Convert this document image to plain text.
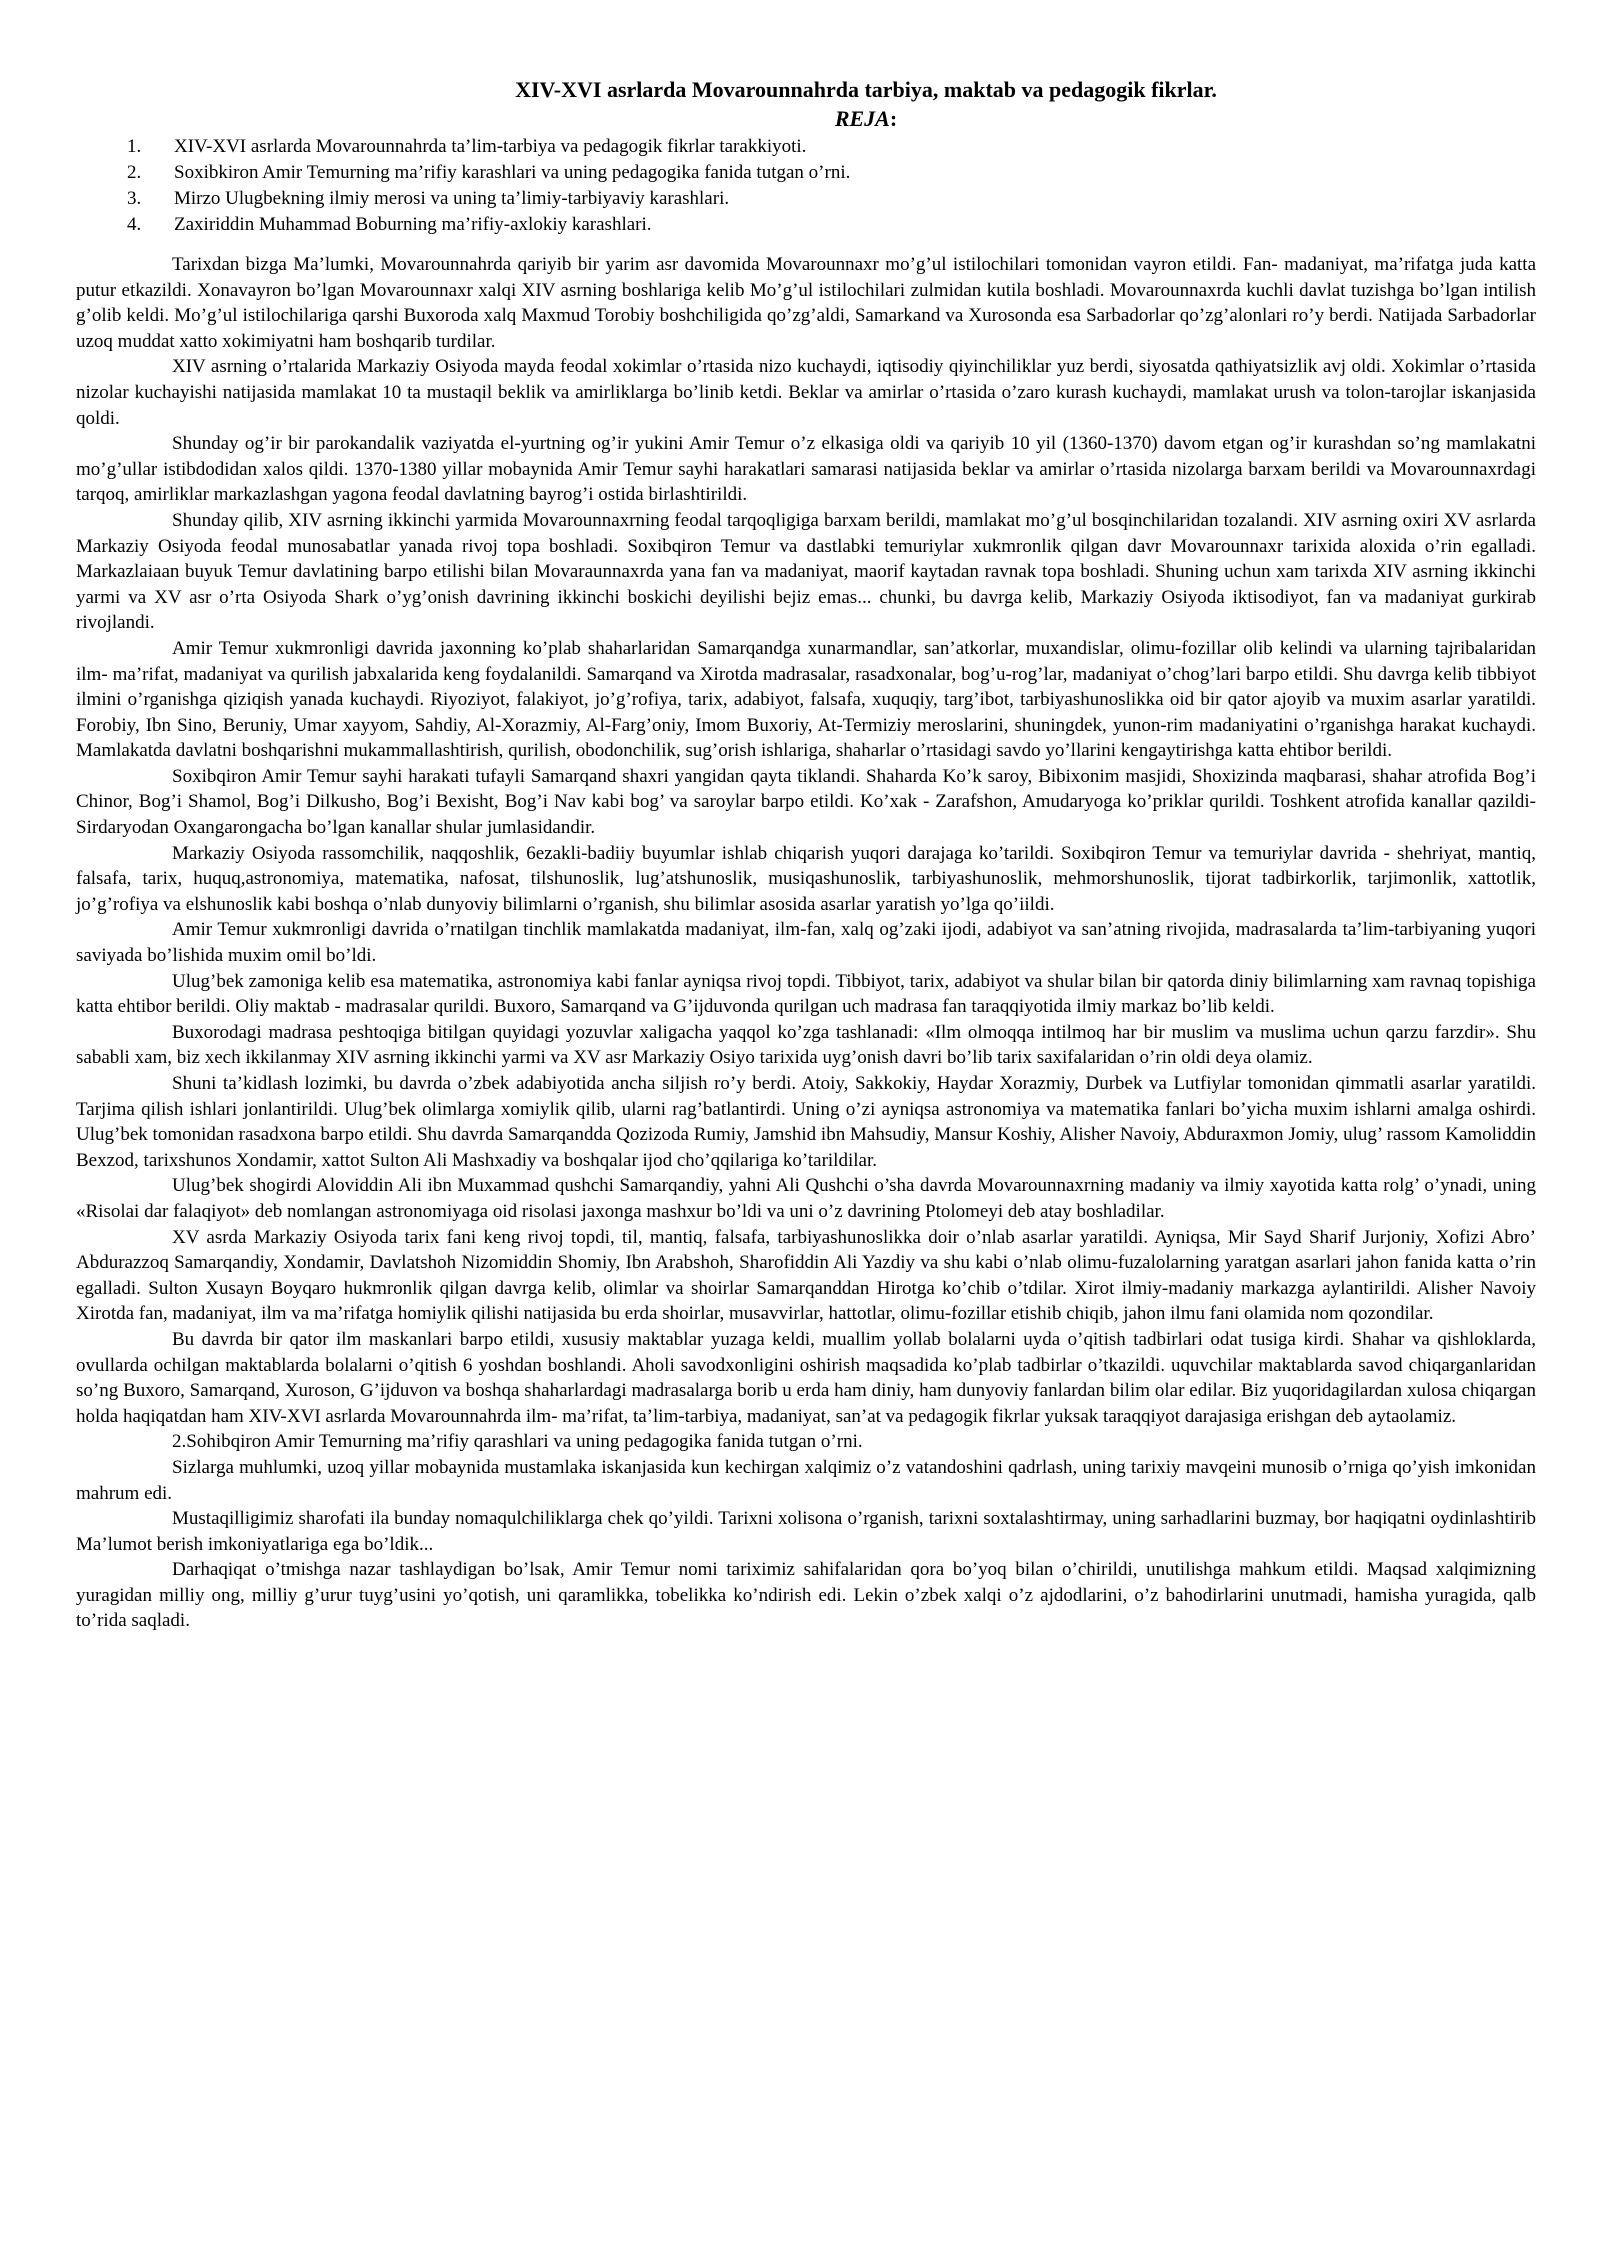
XIV-XVI asrlarda Movarounnahrda tarbiya, maktab va pedagogik fikrlar.
REJA:
1. XIV-XVI asrlarda Movarounnahrda ta’lim-tarbiya va pedagogik fikrlar tarakkiyoti.
2. Soxibkiron Amir Temurning ma’rifiy karashlari va uning pedagogika fanida tutgan o’rni.
3. Mirzo Ulugbekning ilmiy merosi va uning ta’limiy-tarbiyaviy karashlari.
4. Zaxiriddin Muhammad Boburning ma’rifiy-axlokiy karashlari.

Tarixdan bizga Ma’lumki, Movarounnahrda qariyib bir yarim asr davomida Movarounnaxr mo’g’ul istilochilari tomonidan vayron etildi. Fan- madaniyat, ma’rifatga juda katta putur etkazildi. Xonavayron bo’lgan Movarounnaxr xalqi XIV asrning boshlariga kelib Mo’g’ul istilochilari zulmidan kutila boshladi. Movarounnaxrda kuchli davlat tuzishga bo’lgan intilish g’olib keldi. Mo’g’ul istilochilariga qarshi Buxoroda xalq Maxmud Torobiy boshchiligida qo’zg’aldi, Samarkand va Xurosonda esa Sarbadorlar qo’zg’alonlari ro’y berdi. Natijada Sarbadorlar uzoq muddat xatto xokimiyatni ham boshqarib turdilar.

XIV asrning o’rtalarida Markaziy Osiyoda mayda feodal xokimlar o’rtasida nizo kuchaydi, iqtisodiy qiyinchiliklar yuz berdi, siyosatda qathiyatsizlik avj oldi. Xokimlar o’rtasida nizolar kuchayishi natijasida mamlakat 10 ta mustaqil beklik va amirliklarga bo’linib ketdi. Beklar va amirlar o’rtasida o’zaro kurash kuchaydi, mamlakat urush va tolon-tarojlar iskanjasida qoldi.

Shunday og’ir bir parokandalik vaziyatda el-yurtning og’ir yukini Amir Temur o’z elkasiga oldi va qariyib 10 yil (1360-1370) davom etgan og’ir kurashdan so’ng mamlakatni mo’g’ullar istibdodidan xalos qildi. 1370-1380 yillar mobaynida Amir Temur sayhi harakatlari samarasi natijasida beklar va amirlar o’rtasida nizolarga barxam berildi va Movarounnaxrdagi tarqoq, amirliklar markazlashgan yagona feodal davlatning bayrog’i ostida birlashtirildi.

Shunday qilib, XIV asrning ikkinchi yarmida Movarounnaxrning feodal tarqoqligiga barxam berildi, mamlakat mo’g’ul bosqinchilaridan tozalandi. XIV asrning oxiri XV asrlarda Markaziy Osiyoda feodal munosabatlar yanada rivoj topa boshladi. Soxibqiron Temur va dastlabki temuriylar xukmronlik qilgan davr Movarounnaxr tarixida aloxida o’rin egalladi. Markazlaiaan buyuk Temur davlatining barpo etilishi bilan Movaraunnaxrda yana fan va madaniyat, maorif kaytadan ravnak topa boshladi. Shuning uchun xam tarixda XIV asrning ikkinchi yarmi va XV asr o’rta Osiyoda Shark o’yg’onish davrining ikkinchi boskichi deyilishi bejiz emas... chunki, bu davrga kelib, Markaziy Osiyoda iktisodiyot, fan va madaniyat gurkirab rivojlandi.

Amir Temur xukmronligi davrida jaxonning ko’plab shaharlaridan Samarqandga xunarmandlar, san’atkorlar, muxandislar, olimu-fozillar olib kelindi va ularning tajribalaridan ilm- ma’rifat, madaniyat va qurilish jabxalarida keng foydalanildi. Samarqand va Xirotda madrasalar, rasadxonalar, bog’u-rog’lar, madaniyat o’chog’lari barpo etildi. Shu davrga kelib tibbiyot ilmini o’rganishga qiziqish yanada kuchaydi. Riyoziyot, falakiyot, jo’g’rofiya, tarix, adabiyot, falsafa, xuquqiy, targ’ibot, tarbiyashunoslikka oid bir qator ajoyib va muxim asarlar yaratildi. Forobiy, Ibn Sino, Beruniy, Umar xayyom, Sahdiy, Al-Xorazmiy, Al-Farg’oniy, Imom Buxoriy, At-Termiziy meroslarini, shuningdek, yunon-rim madaniyatini o’rganishga harakat kuchaydi. Mamlakatda davlatni boshqarishni mukammallashtirish, qurilish, obodonchilik, sug’orish ishlariga, shaharlar o’rtasidagi savdo yo’llarini kengaytirishga katta ehtibor berildi.

Soxibqiron Amir Temur sayhi harakati tufayli Samarqand shaxri yangidan qayta tiklandi. Shaharda Ko’k saroy, Bibixonim masjidi, Shoxizinda maqbarasi, shahar atrofida Bog’i Chinor, Bog’i Shamol, Bog’i Dilkusho, Bog’i Bexisht, Bog’i Nav kabi bog’ va saroylar barpo etildi. Ko’xak - Zarafshon, Amudaryoga ko’priklar qurildi. Toshkent atrofida kanallar qazildi- Sirdaryodan Oxangarongacha bo’lgan kanallar shular jumlasidandir.

Markaziy Osiyoda rassomchilik, naqqoshlik, 6ezakli-badiiy buyumlar ishlab chiqarish yuqori darajaga ko’tarildi. Soxibqiron Temur va temuriylar davrida - shehriyat, mantiq, falsafa, tarix, huquq,astronomiya, matematika, nafosat, tilshunoslik, lug’atshunoslik, musiqashunoslik, tarbiyashunoslik, mehmorshunoslik, tijorat tadbirkorlik, tarjimonlik, xattotlik, jo’g’rofiya va elshunoslik kabi boshqa o’nlab dunyoviy bilimlarni o’rganish, shu bilimlar asosida asarlar yaratish yo’lga qo’iildi.

Amir Temur xukmronligi davrida o’rnatilgan tinchlik mamlakatda madaniyat, ilm-fan, xalq og’zaki ijodi, adabiyot va san’atning rivojida, madrasalarda ta’lim-tarbiyaning yuqori saviyada bo’lishida muxim omil bo’ldi.

Ulug’bek zamoniga kelib esa matematika, astronomiya kabi fanlar ayniqsa rivoj topdi. Tibbiyot, tarix, adabiyot va shular bilan bir qatorda diniy bilimlarning xam ravnaq topishiga katta ehtibor berildi. Oliy maktab - madrasalar qurildi. Buxoro, Samarqand va G’ijduvonda qurilgan uch madrasa fan taraqqiyotida ilmiy markaz bo’lib keldi.

Buxorodagi madrasa peshtoqiga bitilgan quyidagi yozuvlar xaligacha yaqqol ko’zga tashlanadi: «Ilm olmoqqa intilmoq har bir muslim va muslima uchun qarzu farzdir». Shu sababli xam, biz xech ikkilanmay XIV asrning ikkinchi yarmi va XV asr Markaziy Osiyo tarixida uyg’onish davri bo’lib tarix saxifalaridan o’rin oldi deya olamiz.

Shuni ta’kidlash lozimki, bu davrda o’zbek adabiyotida ancha siljish ro’y berdi. Atoiy, Sakkokiy, Haydar Xorazmiy, Durbek va Lutfiylar tomonidan qimmatli asarlar yaratildi. Tarjima qilish ishlari jonlantirildi. Ulug’bek olimlarga xomiylik qilib, ularni rag’batlantirdi. Uning o’zi ayniqsa astronomiya va matematika fanlari bo’yicha muxim ishlarni amalga oshirdi. Ulug’bek tomonidan rasadxona barpo etildi. Shu davrda Samarqandda Qozizoda Rumiy, Jamshid ibn Mahsudiy, Mansur Koshiy, Alisher Navoiy, Abduraxmon Jomiy, ulug’ rassom Kamoliddin Bexzod, tarixshunos Xondamir, xattot Sulton Ali Mashxadiy va boshqalar ijod cho’qqilariga ko’tarildilar.

Ulug’bek shogirdi Aloviddin Ali ibn Muxammad qushchi Samarqandiy, yahni Ali Qushchi o’sha davrda Movarounnaxrning madaniy va ilmiy xayotida katta rolg’ o’ynadi, uning «Risolai dar falaqiyot» deb nomlangan astronomiyaga oid risolasi jaxonga mashxur bo’ldi va uni o’z davrining Ptolomeyi deb atay boshladilar.

XV asrda Markaziy Osiyoda tarix fani keng rivoj topdi, til, mantiq, falsafa, tarbiyashunoslikka doir o’nlab asarlar yaratildi. Ayniqsa, Mir Sayd Sharif Jurjoniy, Xofizi Abro’ Abdurazzoq Samarqandiy, Xondamir, Davlatshoh Nizomiddin Shomiy, Ibn Arabshoh, Sharofiddin Ali Yazdiy va shu kabi o’nlab olimu-fuzalolarning yaratgan asarlari jahon fanida katta o’rin egalladi. Sulton Xusayn Boyqaro hukmronlik qilgan davrga kelib, olimlar va shoirlar Samarqanddan Hirotga ko’chib o’tdilar. Xirot ilmiy-madaniy markazga aylantirildi. Alisher Navoiy Xirotda fan, madaniyat, ilm va ma’rifatga homiylik qilishi natijasida bu erda shoirlar, musavvirlar, hattotlar, olimu-fozillar etishib chiqib, jahon ilmu fani olamida nom qozondilar.

Bu davrda bir qator ilm maskanlari barpo etildi, xususiy maktablar yuzaga keldi, muallim yollab bolalarni uyda o’qitish tadbirlari odat tusiga kirdi. Shahar va qishloklarda, ovullarda ochilgan maktablarda bolalarni o’qitish 6 yoshdan boshlandi. Aholi savodxonligini oshirish maqsadida ko’plab tadbirlar o’tkazildi. uquvchilar maktablarda savod chiqarganlaridan so’ng Buxoro, Samarqand, Xuroson, G’ijduvon va boshqa shaharlardagi madrasalarga borib u erda ham diniy, ham dunyoviy fanlardan bilim olar edilar. Biz yuqoridagilardan xulosa chiqargan holda haqiqatdan ham XIV-XVI asrlarda Movarounnahrda ilm- ma’rifat, ta’lim-tarbiya, madaniyat, san’at va pedagogik fikrlar yuksak taraqqiyot darajasiga erishgan deb aytaolamiz.

2.Sohibqiron Amir Temurning ma’rifiy qarashlari va uning pedagogika fanida tutgan o’rni.

Sizlarga muhlumki, uzoq yillar mobaynida mustamlaka iskanjasida kun kechirgan xalqimiz o’z vatandoshini qadrlash, uning tarixiy mavqeini munosib o’rniga qo’yish imkonidan mahrum edi.

Mustaqilligimiz sharofati ila bunday nomaqulchiliklarga chek qo’yildi. Tarixni xolisona o’rganish, tarixni soxtalashtirmay, uning sarhadlarini buzmay, bor haqiqatni oydinlashtirib Ma’lumot berish imkoniyatlariga ega bo’ldik...

Darhaqiqat o’tmishga nazar tashlaydigan bo’lsak, Amir Temur nomi tariximiz sahifalaridan qora bo’yoq bilan o’chirildi, unutilishga mahkum etildi. Maqsad xalqimizning yuragidan milliy ong, milliy g’urur tuyg’usini yo’qotish, uni qaramlikka, tobelikka ko’ndirish edi. Lekin o’zbek xalqi o’z ajdodlarini, o’z bahodirlarini unutmadi, hamisha yuragida, qalb to’rida saqladi.
